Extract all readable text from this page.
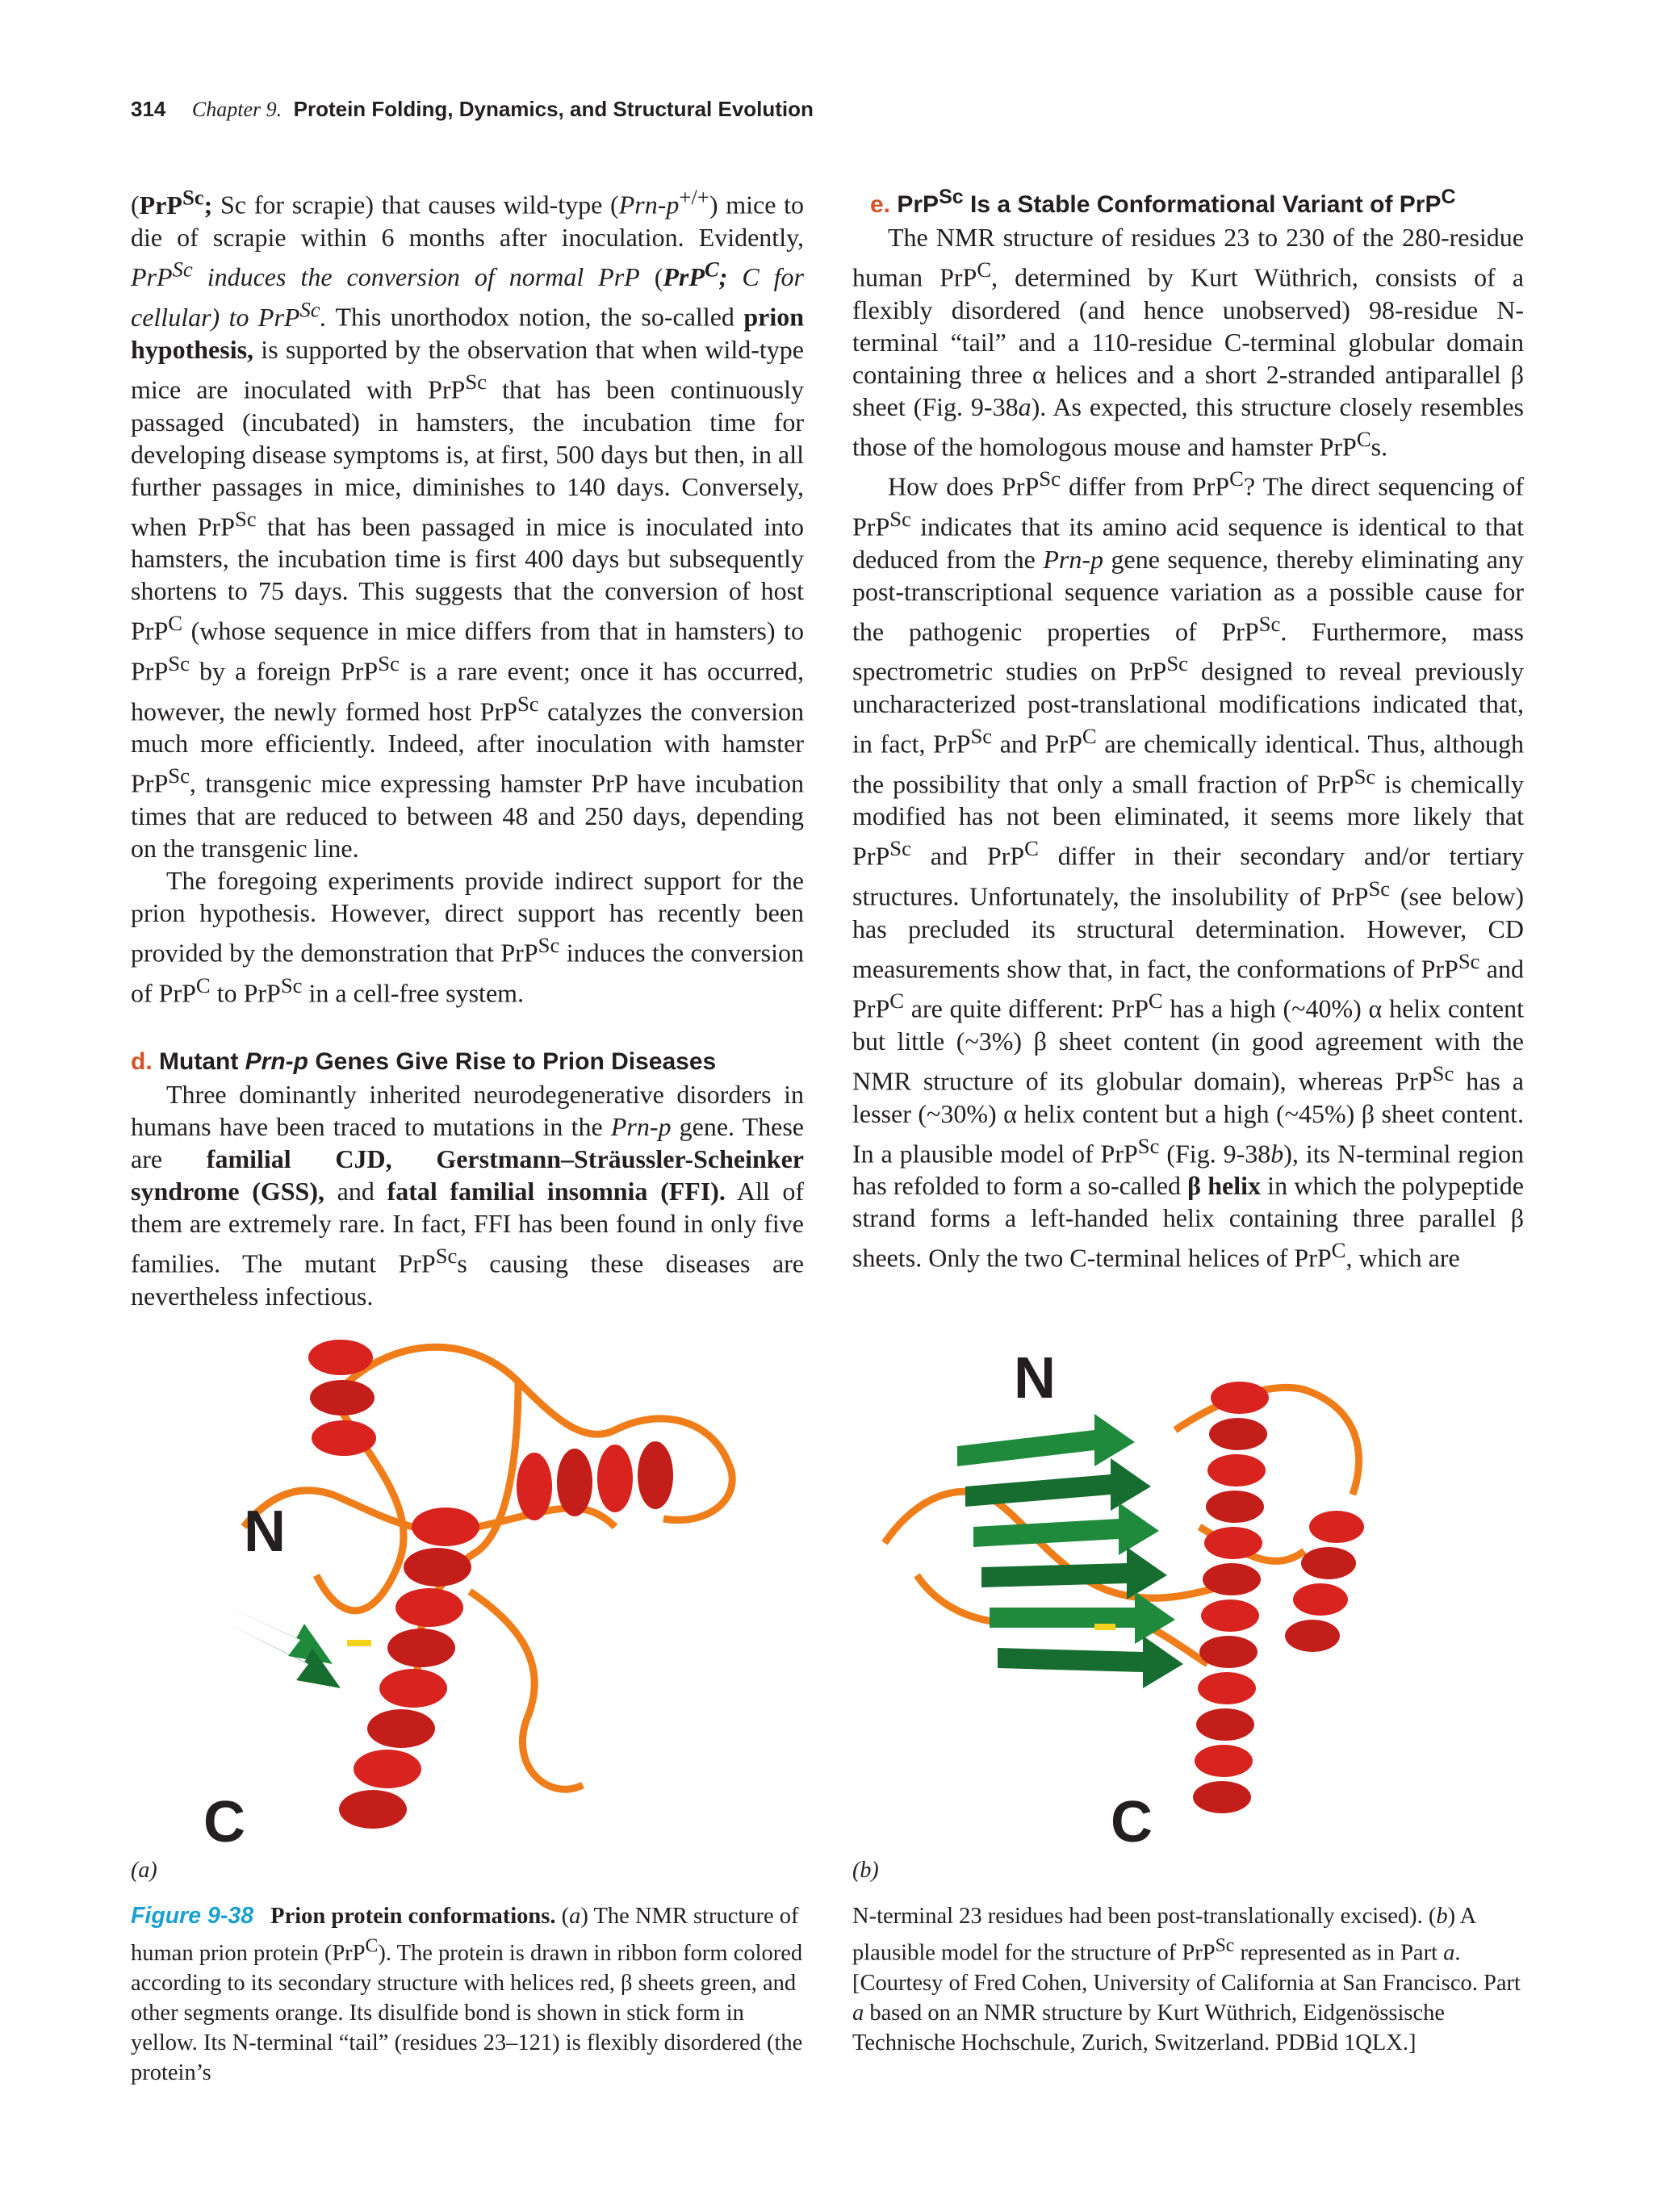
314 Chapter 9. Protein Folding, Dynamics, and Structural Evolution

(PrP$^{Sc}$; Sc for scrapie) that causes wild-type (Prn-p+/+) mice to die of scrapie within 6 months after inoculation. Evidently, PrP$^{Sc}$ induces the conversion of normal PrP (PrP$^C$; C for cellular) to PrP$^{Sc}$. This unorthodox notion, the so-called prion hypothesis, is supported by the observation that when wild-type mice are inoculated with PrP$^{Sc}$ that has been continuously passaged (incubated) in hamsters, the incubation time for developing disease symptoms is, at first, 500 days but then, in all further passages in mice, diminishes to 140 days. Conversely, when PrP$^{Sc}$ that has been passaged in mice is inoculated into hamsters, the incubation time is first 400 days but subsequently shortens to 75 days. This suggests that the conversion of host PrP$^C$ (whose sequence in mice differs from that in hamsters) to PrP$^{Sc}$ by a foreign PrP$^{Sc}$ is a rare event; once it has occurred, however, the newly formed host PrP$^{Sc}$ catalyzes the conversion much more efficiently. Indeed, after inoculation with hamster PrP$^{Sc}$, transgenic mice expressing hamster PrP have incubation times that are reduced to between 48 and 250 days, depending on the transgenic line.

The foregoing experiments provide indirect support for the prion hypothesis. However, direct support has recently been provided by the demonstration that PrP$^{Sc}$ induces the conversion of PrP$^C$ to PrP$^{Sc}$ in a cell-free system.

d. Mutant Prn-p Genes Give Rise to Prion Diseases

Three dominantly inherited neurodegenerative disorders in humans have been traced to mutations in the Prn-p gene. These are familial CJD, Gerstmann–Sträussler-Scheinker syndrome (GSS), and fatal familial insomnia (FFI). All of them are extremely rare. In fact, FFI has been found in only five families. The mutant PrP$^{Sc}$s causing these diseases are nevertheless infectious.

e. PrP$^{Sc}$ Is a Stable Conformational Variant of PrP$^C$

The NMR structure of residues 23 to 230 of the 280-residue human PrP$^C$, determined by Kurt Wüthrich, consists of a flexibly disordered (and hence unobserved) 98-residue N-terminal “tail” and a 110-residue C-terminal globular domain containing three α helices and a short 2-stranded antiparallel β sheet (Fig. 9-38a). As expected, this structure closely resembles those of the homologous mouse and hamster PrP$^C$s.

How does PrP$^{Sc}$ differ from PrP$^C$? The direct sequencing of PrP$^{Sc}$ indicates that its amino acid sequence is identical to that deduced from the Prn-p gene sequence, thereby eliminating any post-transcriptional sequence variation as a possible cause for the pathogenic properties of PrP$^{Sc}$. Furthermore, mass spectrometric studies on PrP$^{Sc}$ designed to reveal previously uncharacterized post-translational modifications indicated that, in fact, PrP$^{Sc}$ and PrP$^C$ are chemically identical. Thus, although the possibility that only a small fraction of PrP$^{Sc}$ is chemically modified has not been eliminated, it seems more likely that PrP$^{Sc}$ and PrP$^C$ differ in their secondary and/or tertiary structures. Unfortunately, the insolubility of PrP$^{Sc}$ (see below) has precluded its structural determination. However, CD measurements show that, in fact, the conformations of PrP$^{Sc}$ and PrP$^C$ are quite different: PrP$^C$ has a high (~40%) α helix content but little (~3%) β sheet content (in good agreement with the NMR structure of its globular domain), whereas PrP$^{Sc}$ has a lesser (~30%) α helix content but a high (~45%) β sheet content. In a plausible model of PrP$^{Sc}$ (Fig. 9-38b), its N-terminal region has refolded to form a so-called β helix in which the polypeptide strand forms a left-handed helix containing three parallel β sheets. Only the two C-terminal helices of PrP$^C$, which are

N
C
N
C
(a)	(b)

Figure 9-38 Prion protein conformations. (a) The NMR structure of human prion protein (PrP$^C$). The protein is drawn in ribbon form colored according to its secondary structure with helices red, β sheets green, and other segments orange. Its disulfide bond is shown in stick form in yellow. Its N-terminal “tail” (residues 23–121) is flexibly disordered (the protein’s

N-terminal 23 residues had been post-translationally excised). (b) A plausible model for the structure of PrP$^{Sc}$ represented as in Part a. [Courtesy of Fred Cohen, University of California at San Francisco. Part a based on an NMR structure by Kurt Wüthrich, Eidgenössische Technische Hochschule, Zurich, Switzerland. PDBid 1QLX.]
